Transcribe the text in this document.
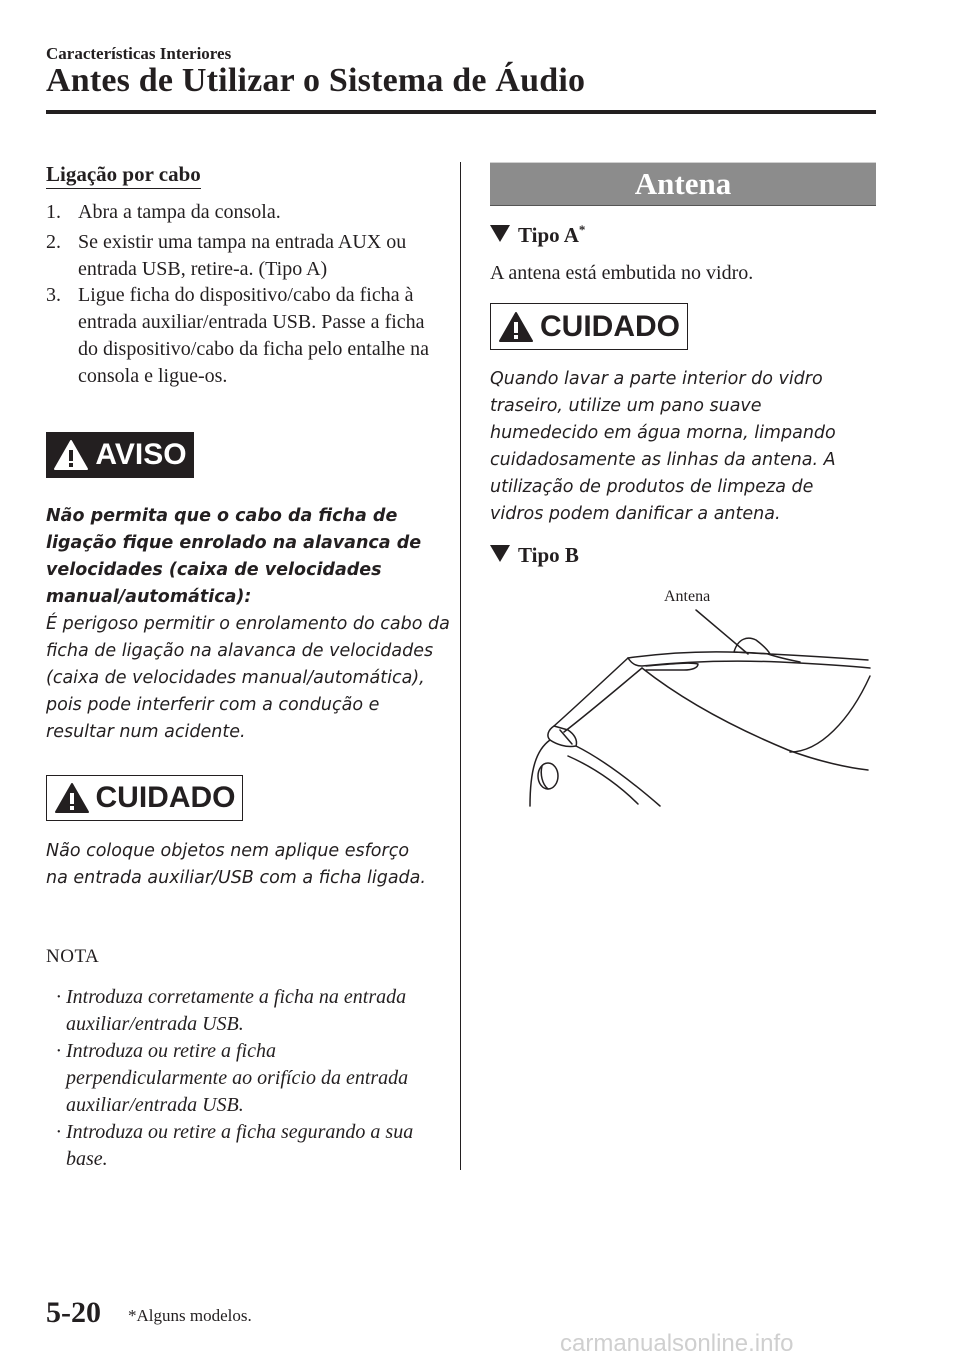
Características Interiores
Antes de Utilizar o Sistema de Áudio
Ligação por cabo
1. Abra a tampa da consola.
2. Se existir uma tampa na entrada AUX ou entrada USB, retire-a. (Tipo A)
3. Ligue ficha do dispositivo/cabo da ficha à entrada auxiliar/entrada USB. Passe a ficha do dispositivo/cabo da ficha pelo entalhe na consola e ligue-os.
AVISO
Não permita que o cabo da ficha de ligação fique enrolado na alavanca de velocidades (caixa de velocidades manual/automática):
É perigoso permitir o enrolamento do cabo da ficha de ligação na alavanca de velocidades (caixa de velocidades manual/automática), pois pode interferir com a condução e resultar num acidente.
CUIDADO
Não coloque objetos nem aplique esforço na entrada auxiliar/USB com a ficha ligada.
NOTA
· Introduza corretamente a ficha na entrada auxiliar/entrada USB.
· Introduza ou retire a ficha perpendicularmente ao orifício da entrada auxiliar/entrada USB.
· Introduza ou retire a ficha segurando a sua base.
Antena
Tipo A*
A antena está embutida no vidro.
CUIDADO
Quando lavar a parte interior do vidro traseiro, utilize um pano suave humedecido em água morna, limpando cuidadosamente as linhas da antena. A utilização de produtos de limpeza de vidros podem danificar a antena.
Tipo B
Antena
5-20 *Alguns modelos.
carmanualsonline.info
